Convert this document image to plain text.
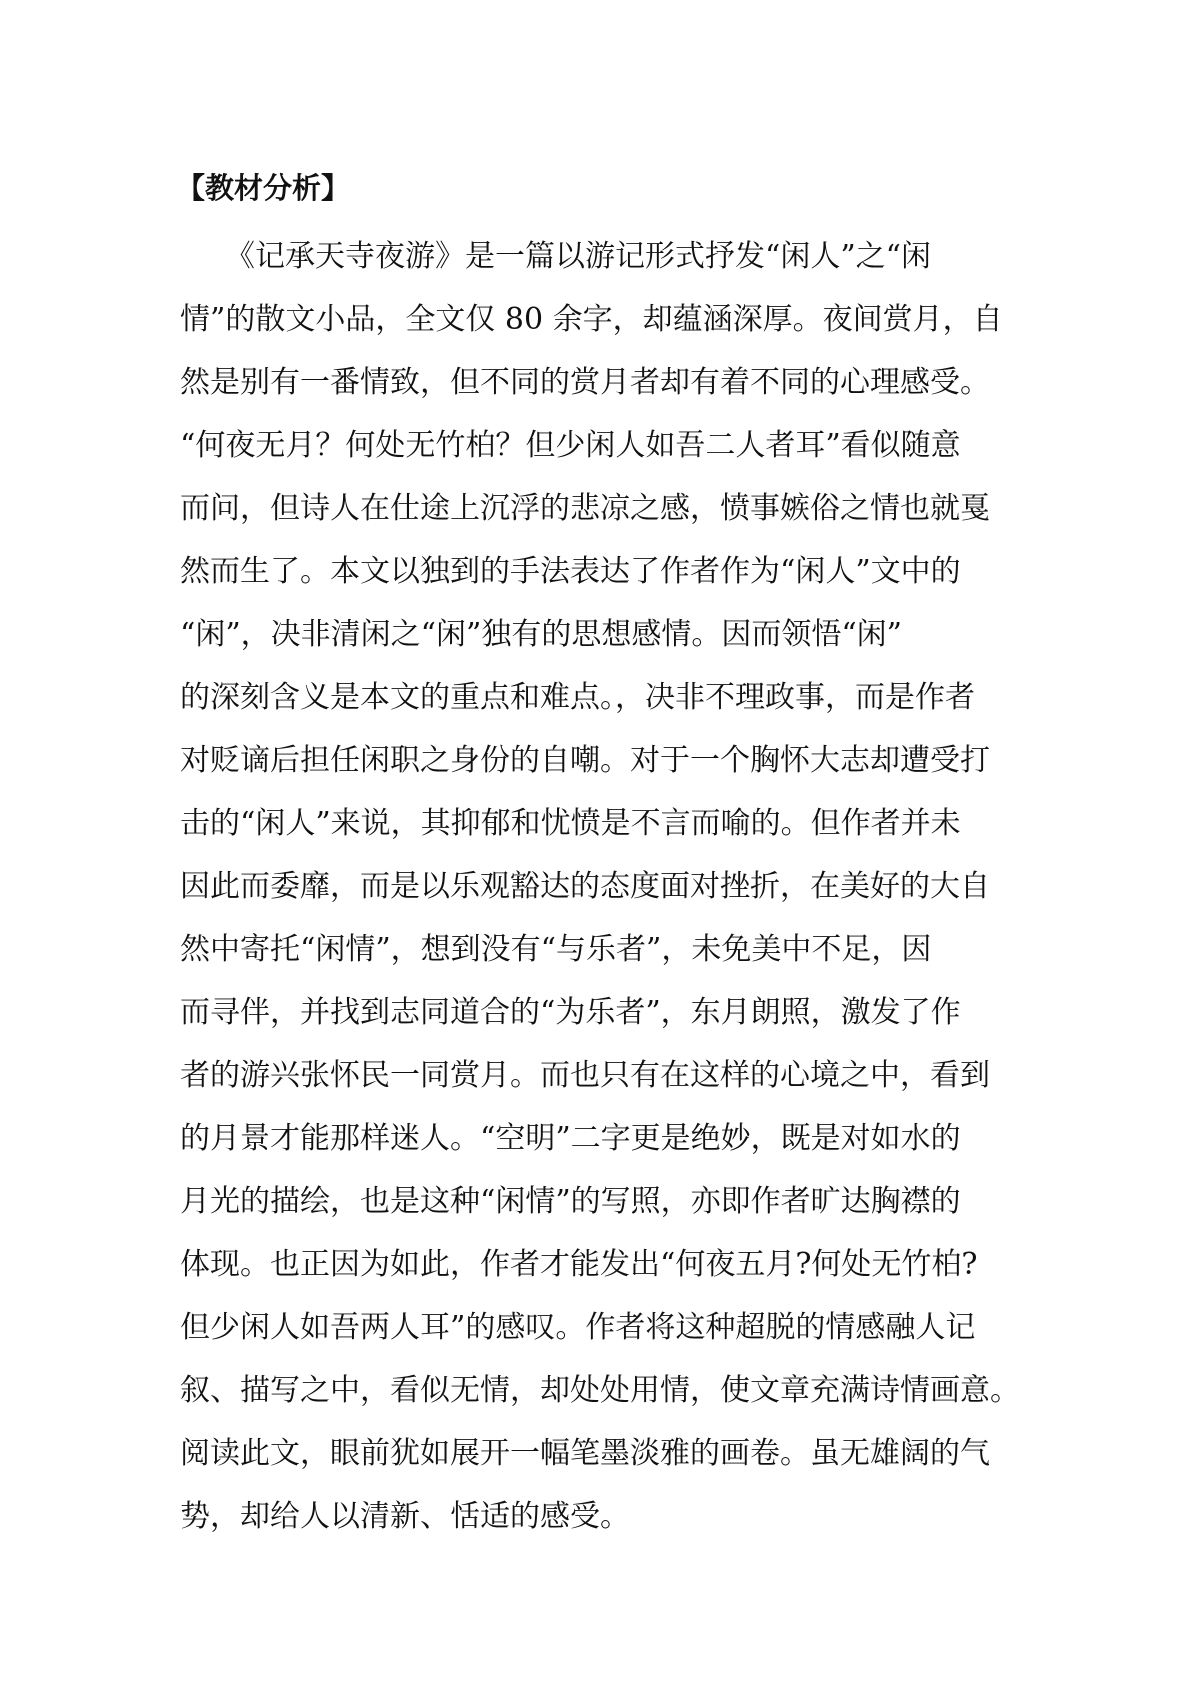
【教材分析】
　　《记承天寺夜游》是一篇以游记形式抒发“闲人”之“闲
情”的散文小品，全文仅 80 余字，却蕴涵深厚。夜间赏月，自
然是别有一番情致，但不同的赏月者却有着不同的心理感受。
“何夜无月？何处无竹柏？但少闲人如吾二人者耳”看似随意
而问，但诗人在仕途上沉浮的悲凉之感，愤事嫉俗之情也就戛
然而生了。本文以独到的手法表达了作者作为“闲人”文中的
“闲”，决非清闲之“闲”独有的思想感情。因而领悟“闲”
的深刻含义是本文的重点和难点。，决非不理政事，而是作者
对贬谪后担任闲职之身份的自嘲。对于一个胸怀大志却遭受打
击的“闲人”来说，其抑郁和忧愤是不言而喻的。但作者并未
因此而委靡，而是以乐观豁达的态度面对挫折，在美好的大自
然中寄托“闲情”，想到没有“与乐者”，未免美中不足，因
而寻伴，并找到志同道合的“为乐者”，东月朗照，激发了作
者的游兴张怀民一同赏月。而也只有在这样的心境之中，看到
的月景才能那样迷人。“空明”二字更是绝妙，既是对如水的
月光的描绘，也是这种“闲情”的写照，亦即作者旷达胸襟的
体现。也正因为如此，作者才能发出“何夜五月?何处无竹柏?
但少闲人如吾两人耳”的感叹。作者将这种超脱的情感融人记
叙、描写之中，看似无情，却处处用情，使文章充满诗情画意。
阅读此文，眼前犹如展开一幅笔墨淡雅的画卷。虽无雄阔的气
势，却给人以清新、恬适的感受。
